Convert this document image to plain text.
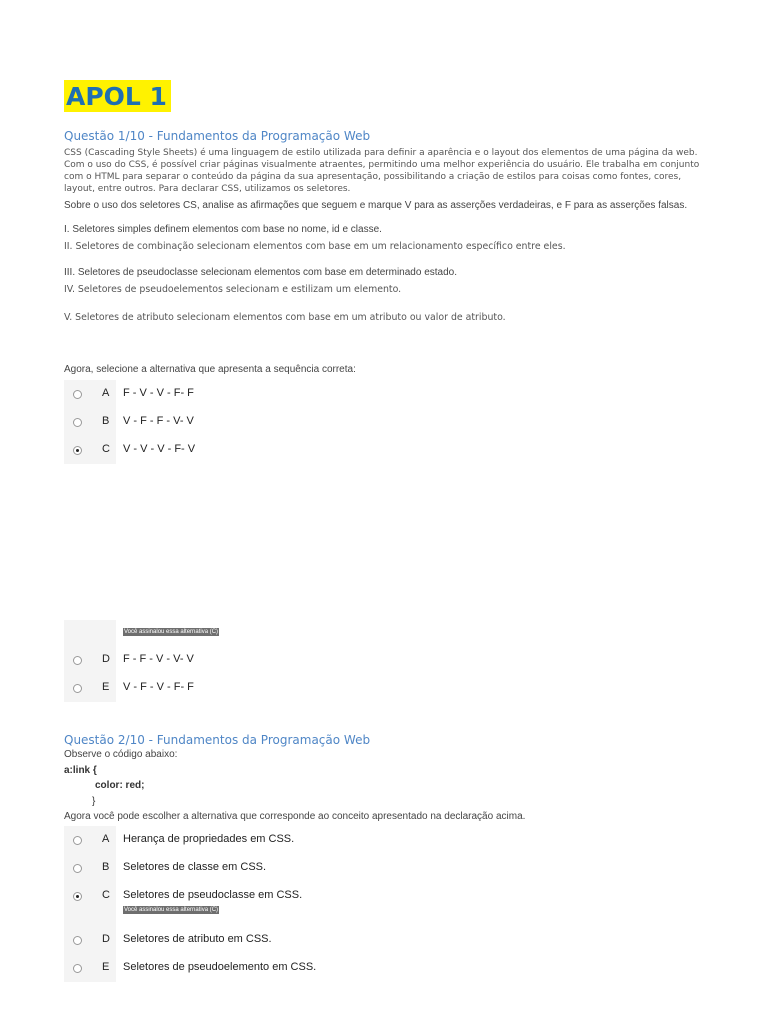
APOL 1
Questão 1/10 - Fundamentos da Programação Web
CSS (Cascading Style Sheets) é uma linguagem de estilo utilizada para definir a aparência e o layout dos elementos de uma página da web. Com o uso do CSS, é possível criar páginas visualmente atraentes, permitindo uma melhor experiência do usuário. Ele trabalha em conjunto com o HTML para separar o conteúdo da página da sua apresentação, possibilitando a criação de estilos para coisas como fontes, cores, layout, entre outros. Para declarar CSS, utilizamos os seletores.
Sobre o uso dos seletores CS, analise as afirmações que seguem e marque V para as asserções verdadeiras, e F para as asserções falsas.
I. Seletores simples definem elementos com base no nome, id e classe.
II. Seletores de combinação selecionam elementos com base em um relacionamento específico entre eles.
III. Seletores de pseudoclasse selecionam elementos com base em determinado estado.
IV. Seletores de pseudoelementos selecionam e estilizam um elemento.
V. Seletores de atributo selecionam elementos com base em um atributo ou valor de atributo.
Agora, selecione a alternativa que apresenta a sequência correta:
A F - V - V - F- F
B V - F - F - V- V
C V - V - V - F- V
Você assinalou essa alternativa (C)
D F - F - V - V- V
E V - F - V - F- F
Questão 2/10 - Fundamentos da Programação Web
Observe o código abaixo:
a:link {
color: red;
}
Agora você pode escolher a alternativa que corresponde ao conceito apresentado na declaração acima.
A Herança de propriedades em CSS.
B Seletores de classe em CSS.
C Seletores de pseudoclasse em CSS.
Você assinalou essa alternativa (C)
D Seletores de atributo em CSS.
E Seletores de pseudoelemento em CSS.
